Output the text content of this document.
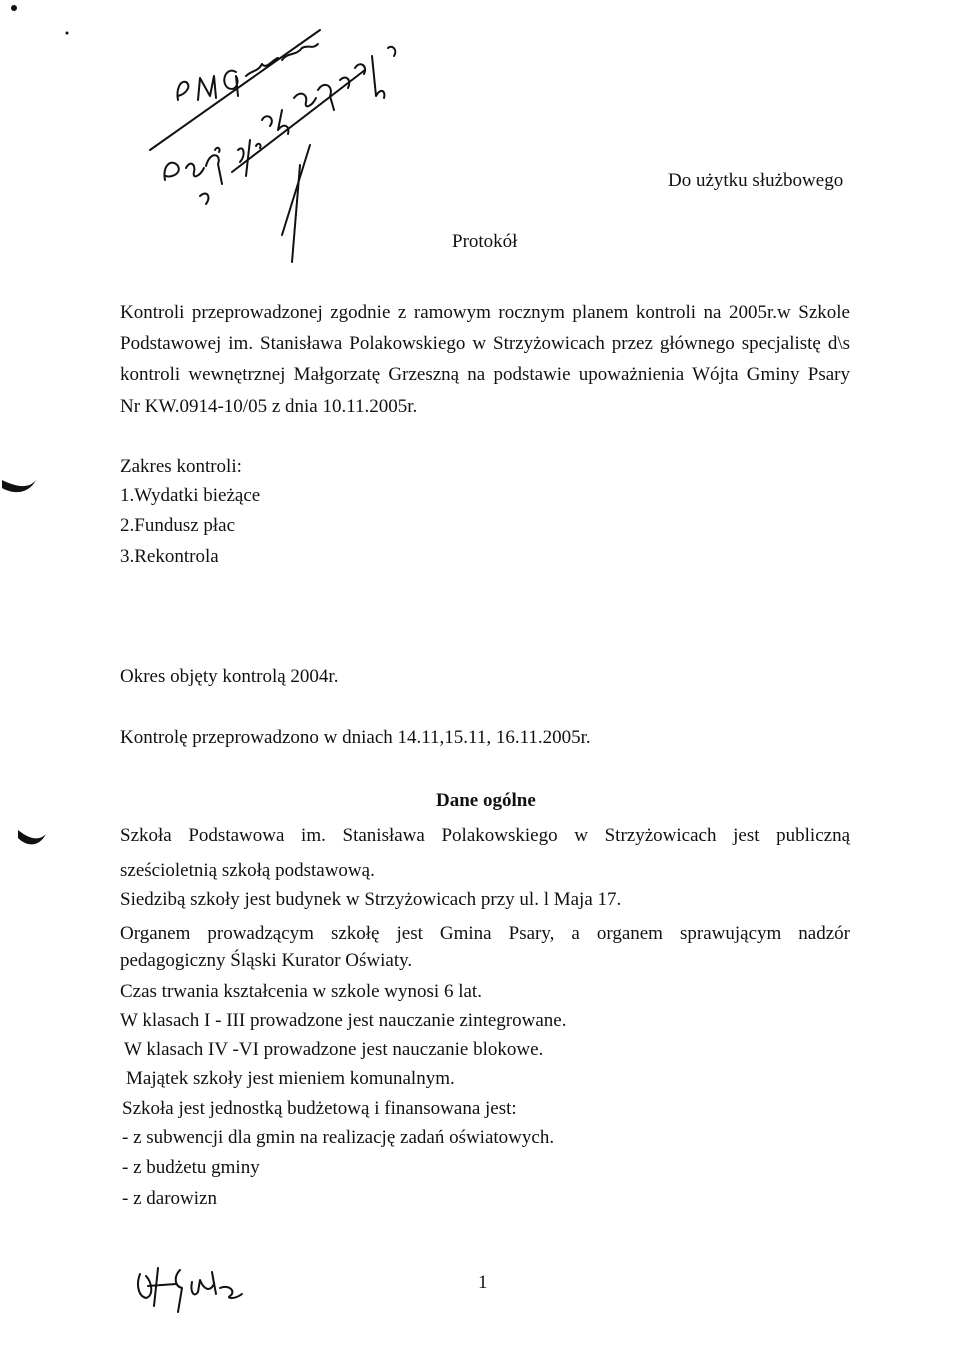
Do użytku służbowego
Protokół
Kontroli przeprowadzonej zgodnie z ramowym rocznym planem kontroli na 2005r.w Szkole
Podstawowej im. Stanisława Polakowskiego w Strzyżowicach przez głównego specjalistę d\s
kontroli wewnętrznej Małgorzatę Grzeszną na podstawie upoważnienia Wójta Gminy Psary
Nr KW.0914-10/05 z dnia 10.11.2005r.
Zakres kontroli:
1.Wydatki bieżące
2.Fundusz płac
3.Rekontrola
Okres objęty kontrolą 2004r.
Kontrolę przeprowadzono w dniach 14.11,15.11, 16.11.2005r.
Dane ogólne
Szkoła Podstawowa im. Stanisława Polakowskiego w Strzyżowicach jest publiczną
sześcioletnią szkołą podstawową.
Siedzibą szkoły jest budynek w Strzyżowicach przy ul. l Maja 17.
Organem prowadzącym szkołę jest Gmina Psary, a organem sprawującym nadzór
pedagogiczny Śląski Kurator Oświaty.
Czas trwania kształcenia w szkole wynosi 6 lat.
W klasach I - III prowadzone jest nauczanie zintegrowane.
W klasach IV -VI prowadzone jest nauczanie blokowe.
Majątek szkoły jest mieniem komunalnym.
Szkoła jest jednostką budżetową i finansowana jest:
- z subwencji dla gmin na realizację zadań oświatowych.
- z budżetu gminy
- z darowizn
1
